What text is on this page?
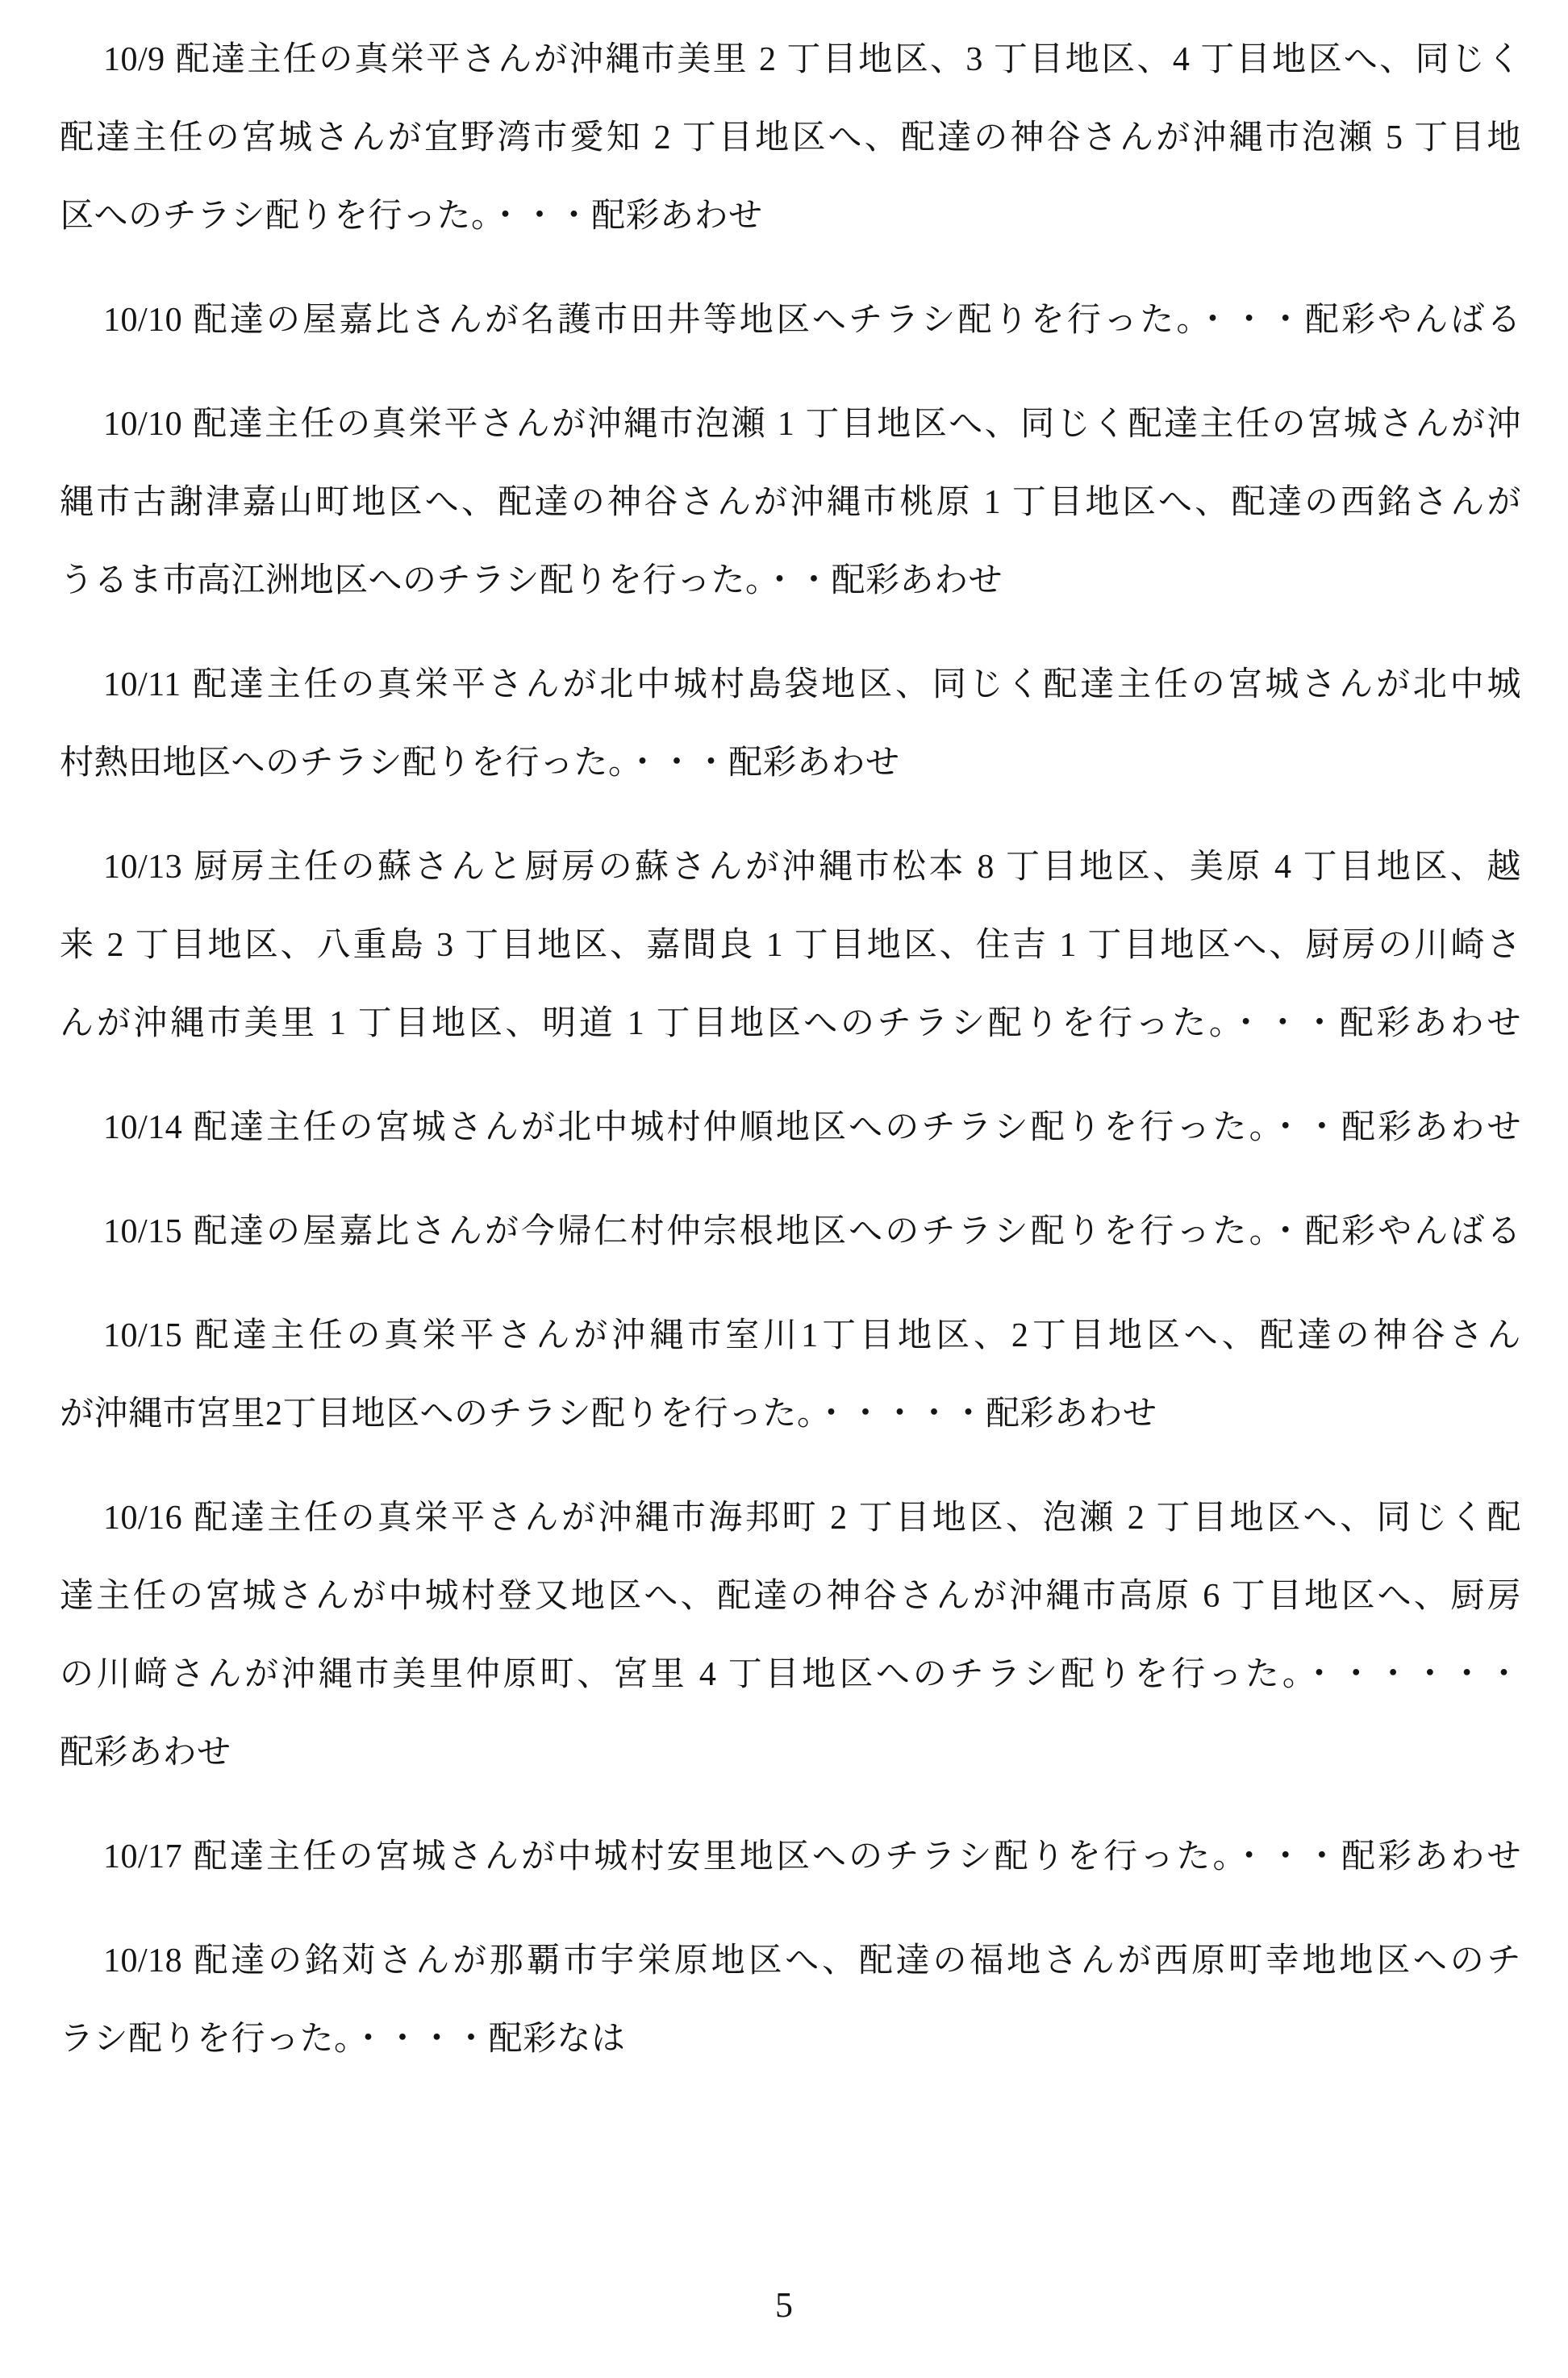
10/9 配達主任の真栄平さんが沖縄市美里 2 丁目地区、3 丁目地区、4 丁目地区へ、同じく
配達主任の宮城さんが宜野湾市愛知 2 丁目地区へ、配達の神谷さんが沖縄市泡瀬 5 丁目地
区へのチラシ配りを行った。・・・配彩あわせ
10/10 配達の屋嘉比さんが名護市田井等地区へチラシ配りを行った。・・・配彩やんばる
10/10 配達主任の真栄平さんが沖縄市泡瀬 1 丁目地区へ、同じく配達主任の宮城さんが沖
縄市古謝津嘉山町地区へ、配達の神谷さんが沖縄市桃原 1 丁目地区へ、配達の西銘さんが
うるま市高江洲地区へのチラシ配りを行った。・・配彩あわせ
10/11 配達主任の真栄平さんが北中城村島袋地区、同じく配達主任の宮城さんが北中城
村熱田地区へのチラシ配りを行った。・・・配彩あわせ
10/13 厨房主任の蘇さんと厨房の蘇さんが沖縄市松本 8 丁目地区、美原 4 丁目地区、越
来 2 丁目地区、八重島 3 丁目地区、嘉間良 1 丁目地区、住吉 1 丁目地区へ、厨房の川崎さ
んが沖縄市美里 1 丁目地区、明道 1 丁目地区へのチラシ配りを行った。・・・配彩あわせ
10/14 配達主任の宮城さんが北中城村仲順地区へのチラシ配りを行った。・・配彩あわせ
10/15 配達の屋嘉比さんが今帰仁村仲宗根地区へのチラシ配りを行った。・配彩やんばる
10/15 配達主任の真栄平さんが沖縄市室川1丁目地区、2丁目地区へ、配達の神谷さん
が沖縄市宮里2丁目地区へのチラシ配りを行った。・・・・・配彩あわせ
10/16 配達主任の真栄平さんが沖縄市海邦町 2 丁目地区、泡瀬 2 丁目地区へ、同じく配
達主任の宮城さんが中城村登又地区へ、配達の神谷さんが沖縄市高原 6 丁目地区へ、厨房
の川﨑さんが沖縄市美里仲原町、宮里 4 丁目地区へのチラシ配りを行った。・・・・・・
配彩あわせ
10/17 配達主任の宮城さんが中城村安里地区へのチラシ配りを行った。・・・配彩あわせ
10/18 配達の銘苅さんが那覇市宇栄原地区へ、配達の福地さんが西原町幸地地区へのチ
ラシ配りを行った。・・・・配彩なは
5
